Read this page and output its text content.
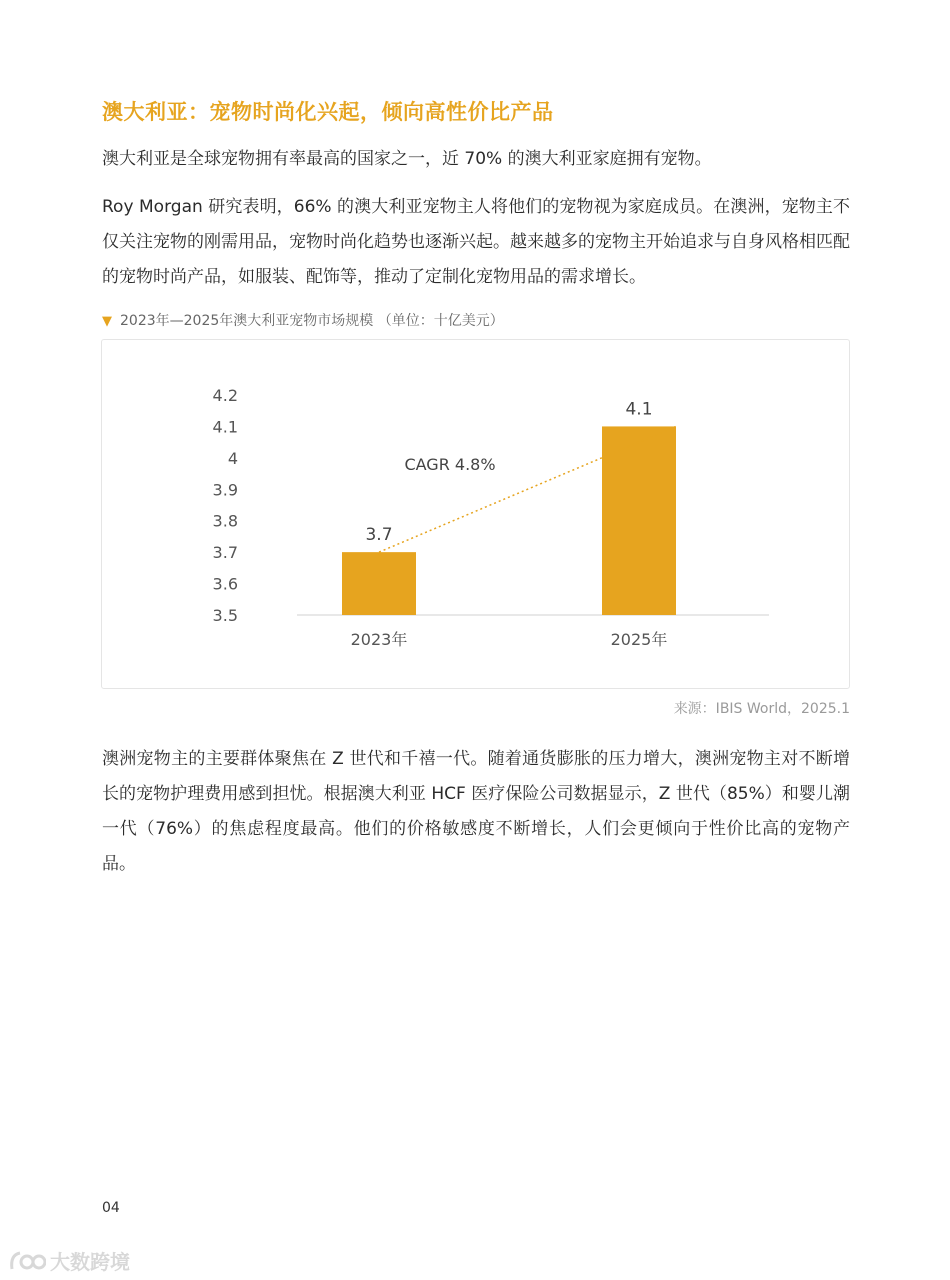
澳大利亚：宠物时尚化兴起，倾向高性价比产品
澳大利亚是全球宠物拥有率最高的国家之一，近 70% 的澳大利亚家庭拥有宠物。
Roy Morgan 研究表明，66% 的澳大利亚宠物主人将他们的宠物视为家庭成员。在澳洲，宠物主不仅关注宠物的刚需用品，宠物时尚化趋势也逐渐兴起。越来越多的宠物主开始追求与自身风格相匹配的宠物时尚产品，如服装、配饰等，推动了定制化宠物用品的需求增长。
▼ 2023年—2025年澳大利亚宠物市场规模 （单位：十亿美元）
3.5
3.6
3.7
3.8
3.9
4
4.1
4.2
3.7
2023年
4.1
2025年
CAGR 4.8%
来源：IBIS World，2025.1
澳洲宠物主的主要群体聚焦在 Z 世代和千禧一代。随着通货膨胀的压力增大，澳洲宠物主对不断增长的宠物护理费用感到担忧。根据澳大利亚 HCF 医疗保险公司数据显示，Z 世代（85%）和婴儿潮一代（76%）的焦虑程度最高。他们的价格敏感度不断增长，人们会更倾向于性价比高的宠物产品。
04
大数跨境
